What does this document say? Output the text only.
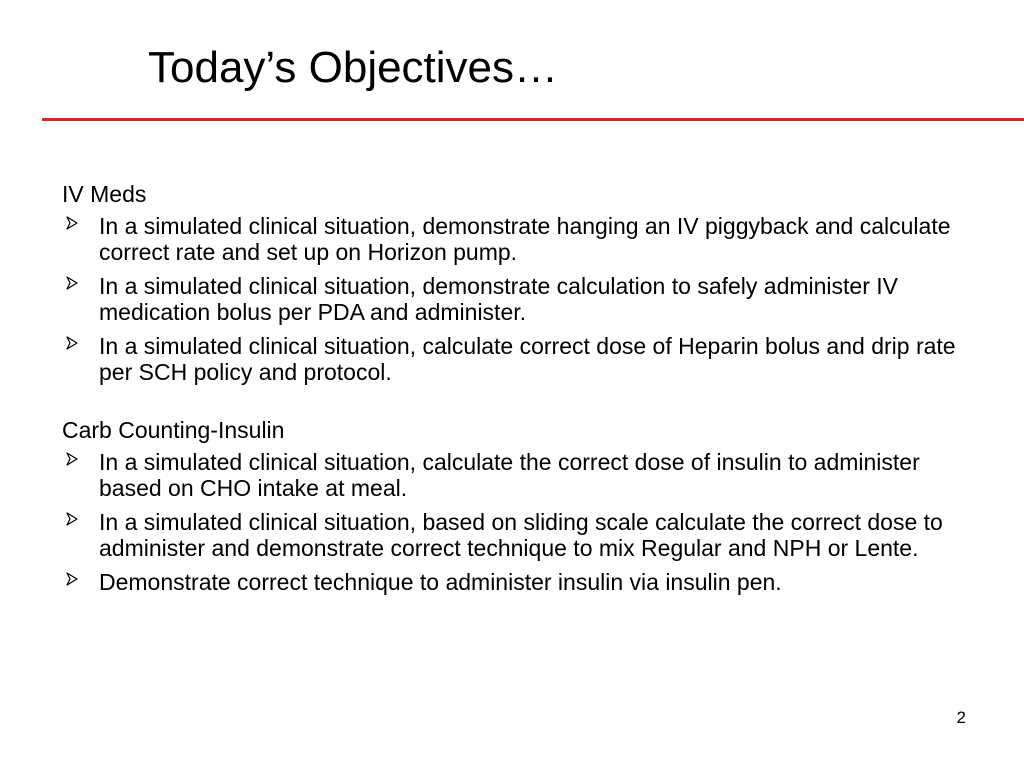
Today’s Objectives…

IV Meds

In a simulated clinical situation, demonstrate hanging an IV piggyback and calculate correct rate and set up on Horizon pump.
In a simulated clinical situation, demonstrate calculation to safely administer IV medication bolus per PDA and administer.
In a simulated clinical situation, calculate correct dose of Heparin bolus and drip rate per SCH policy and protocol.

Carb Counting-Insulin

In a simulated clinical situation, calculate the correct dose of insulin to administer based on CHO intake at meal.
In a simulated clinical situation, based on sliding scale calculate the correct dose to administer and demonstrate correct technique to mix Regular and NPH or Lente.
Demonstrate correct technique to administer insulin via insulin pen.
2
